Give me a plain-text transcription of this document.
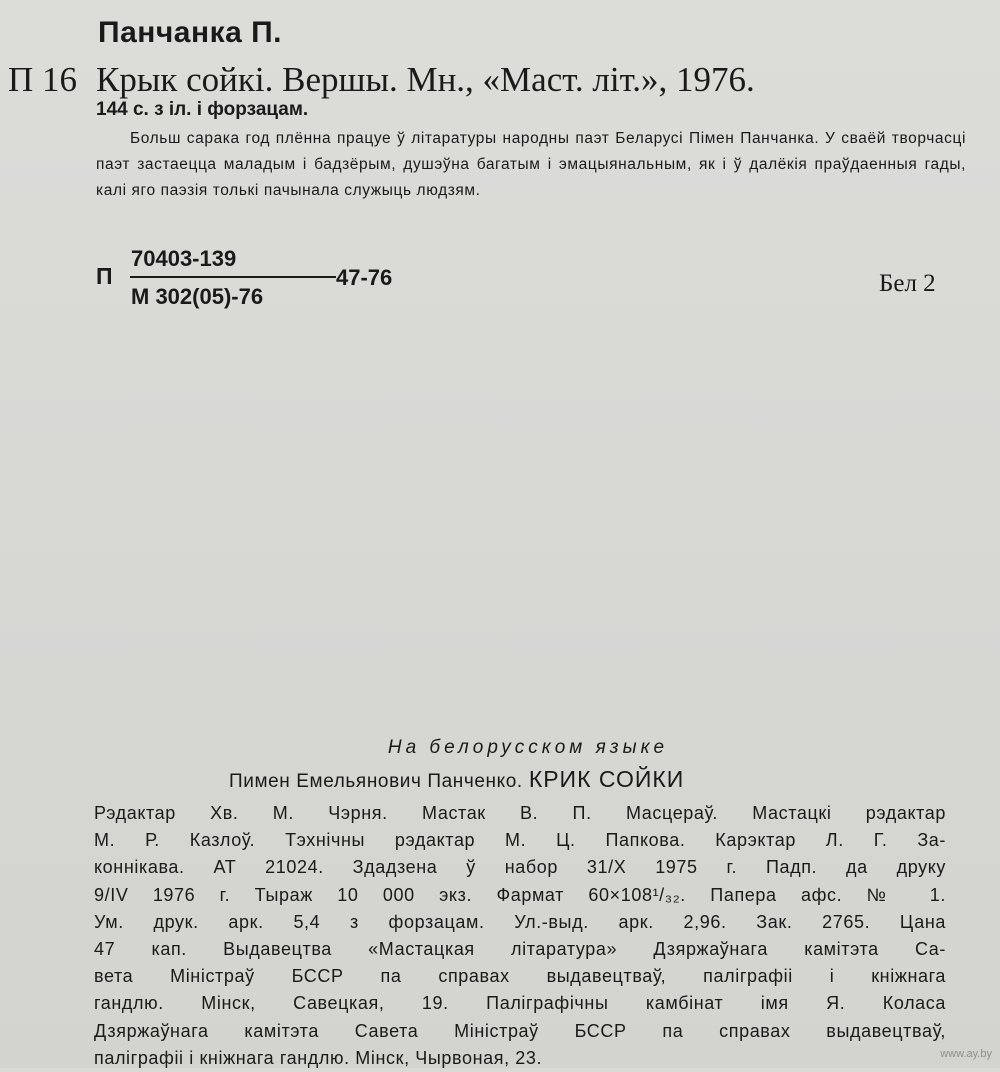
Панчанка П.
П 16 Крык сойкі. Вершы. Мн., «Маст. літ.», 1976.
144 с. з іл. і форзацам.
Больш сарака год плённа працуе ў літаратуры народны паэт Беларусі Пімен Панчанка. У сваёй творчасці паэт застаецца маладым і бадзёрым, душэўна багатым і эмацыянальным, як і ў далёкія праўдаенныя гады, калі яго паэзія толькі пачынала служыць людзям.
П
70403-139
М 302(05)-76
47-76	Бел 2
На белорусском языке
Пимен Емельянович Панченко. КРИК СОЙКИ
Рэдактар Хв. М. Чэрня. Мастак В. П. Масцераў. Мастацкі рэдактар
М. Р. Казлоў. Тэхнічны рэдактар М. Ц. Папкова. Карэктар Л. Г. За-
коннікава. АТ 21024. Здадзена ў набор 31/X 1975 г. Падп. да друку
9/IV 1976 г. Тыраж 10 000 экз. Фармат 60×108¹/₃₂. Папера афс. № 1.
Ум. друк. арк. 5,4 з форзацам. Ул.-выд. арк. 2,96. Зак. 2765. Цана
47 кап. Выдавецтва «Мастацкая літаратура» Дзяржаўнага камітэта Са-
вета Міністраў БССР па справах выдавецтваў, паліграфіі і кніжнага
гандлю. Мінск, Савецкая, 19. Паліграфічны камбінат імя Я. Коласа
Дзяржаўнага камітэта Савета Міністраў БССР па справах выдавецтваў,
паліграфіі і кніжнага гандлю. Мінск, Чырвоная, 23.	www.ay.by
